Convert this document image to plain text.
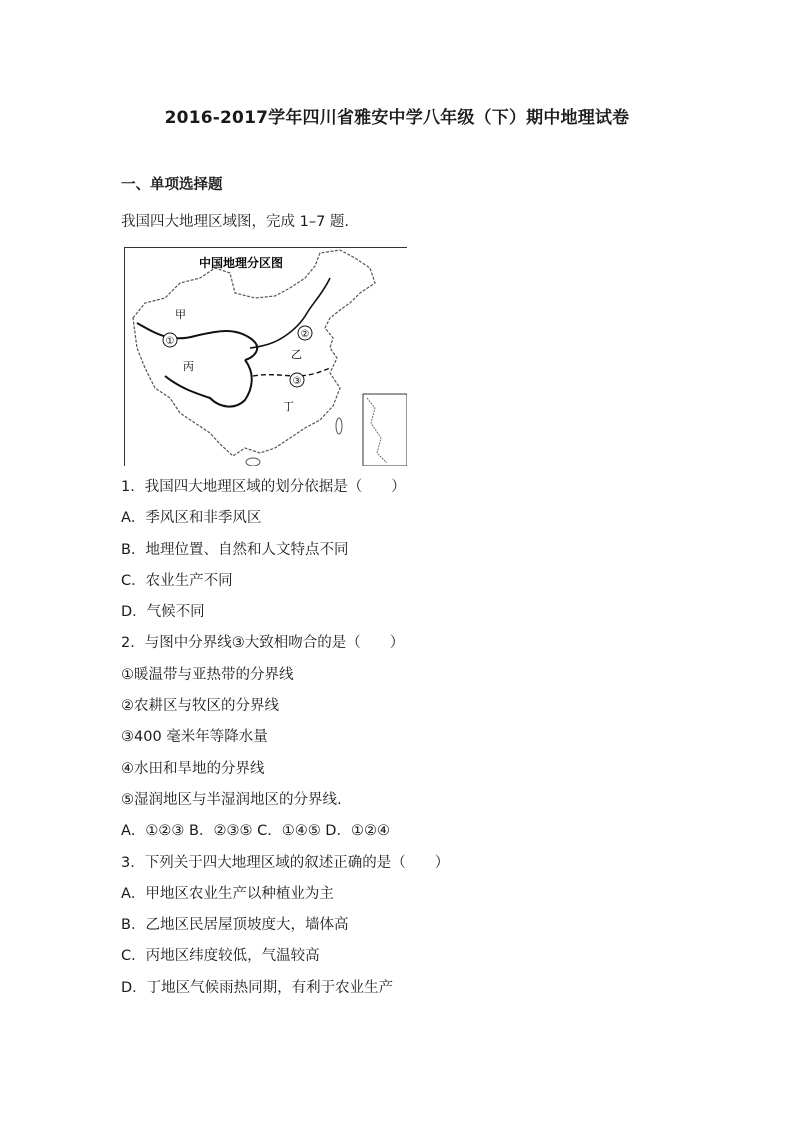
2016-2017学年四川省雅安中学八年级（下）期中地理试卷
一、单项选择题
我国四大地理区域图，完成 1–7 题.
中国地理分区图
甲
乙
丙
丁
①
②
③
1．我国四大地理区域的划分依据是（　　）
A．季风区和非季风区
B．地理位置、自然和人文特点不同
C．农业生产不同
D．气候不同
2．与图中分界线③大致相吻合的是（　　）
①暖温带与亚热带的分界线
②农耕区与牧区的分界线
③400 毫米年等降水量
④水田和旱地的分界线
⑤湿润地区与半湿润地区的分界线.
A．①②③ B．②③⑤ C．①④⑤ D．①②④
3．下列关于四大地理区域的叙述正确的是（　　）
A．甲地区农业生产以种植业为主
B．乙地区民居屋顶坡度大，墙体高
C．丙地区纬度较低，气温较高
D．丁地区气候雨热同期，有利于农业生产
